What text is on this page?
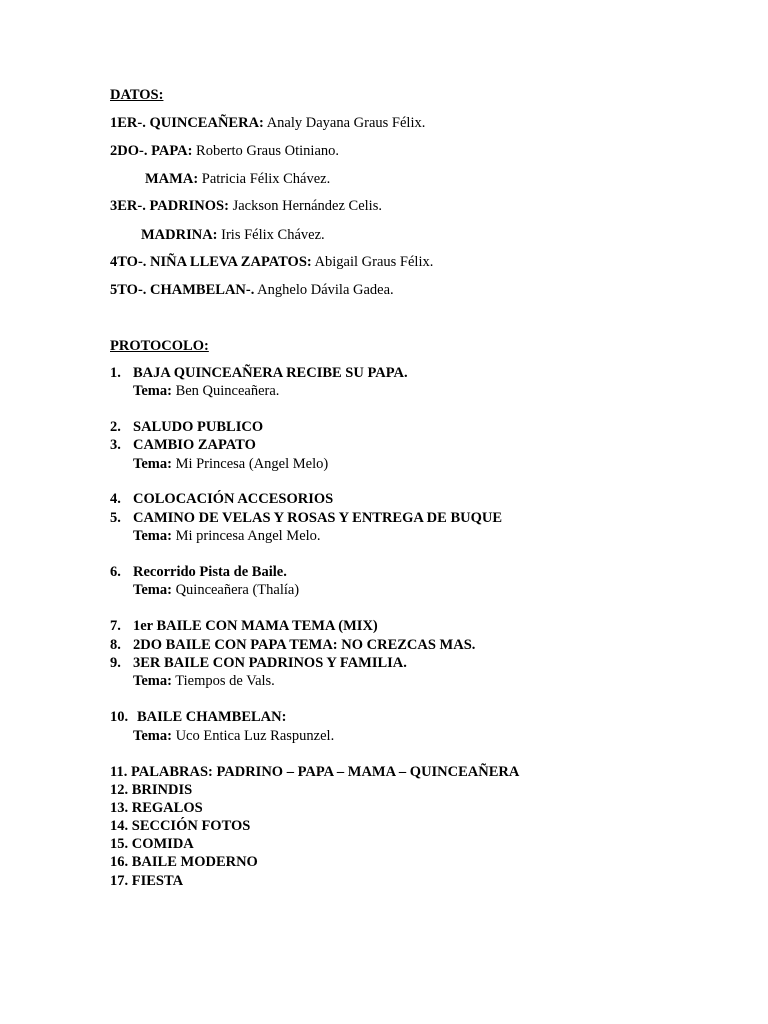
DATOS:
1ER-. QUINCEAÑERA: Analy Dayana Graus Félix.
2DO-. PAPA: Roberto Graus Otiniano.
MAMA: Patricia Félix Chávez.
3ER-. PADRINOS: Jackson Hernández Celis.
MADRINA: Iris Félix Chávez.
4TO-. NIÑA LLEVA ZAPATOS: Abigail Graus Félix.
5TO-. CHAMBELAN-. Anghelo Dávila Gadea.
PROTOCOLO:
1. BAJA QUINCEAÑERA RECIBE SU PAPA.
Tema: Ben Quinceañera.
2. SALUDO PUBLICO
3. CAMBIO ZAPATO
Tema: Mi Princesa (Angel Melo)
4. COLOCACIÓN ACCESORIOS
5. CAMINO DE VELAS Y ROSAS Y ENTREGA DE BUQUE
Tema: Mi princesa Angel Melo.
6. Recorrido Pista de Baile.
Tema: Quinceañera (Thalía)
7. 1er BAILE CON MAMA TEMA (MIX)
8. 2DO BAILE CON PAPA TEMA: NO CREZCAS MAS.
9. 3ER BAILE CON PADRINOS Y FAMILIA.
Tema: Tiempos de Vals.
10. BAILE CHAMBELAN:
Tema: Uco Entica Luz Raspunzel.
11. PALABRAS: PADRINO – PAPA – MAMA – QUINCEAÑERA
12. BRINDIS
13. REGALOS
14. SECCIÓN FOTOS
15. COMIDA
16. BAILE MODERNO
17. FIESTA
